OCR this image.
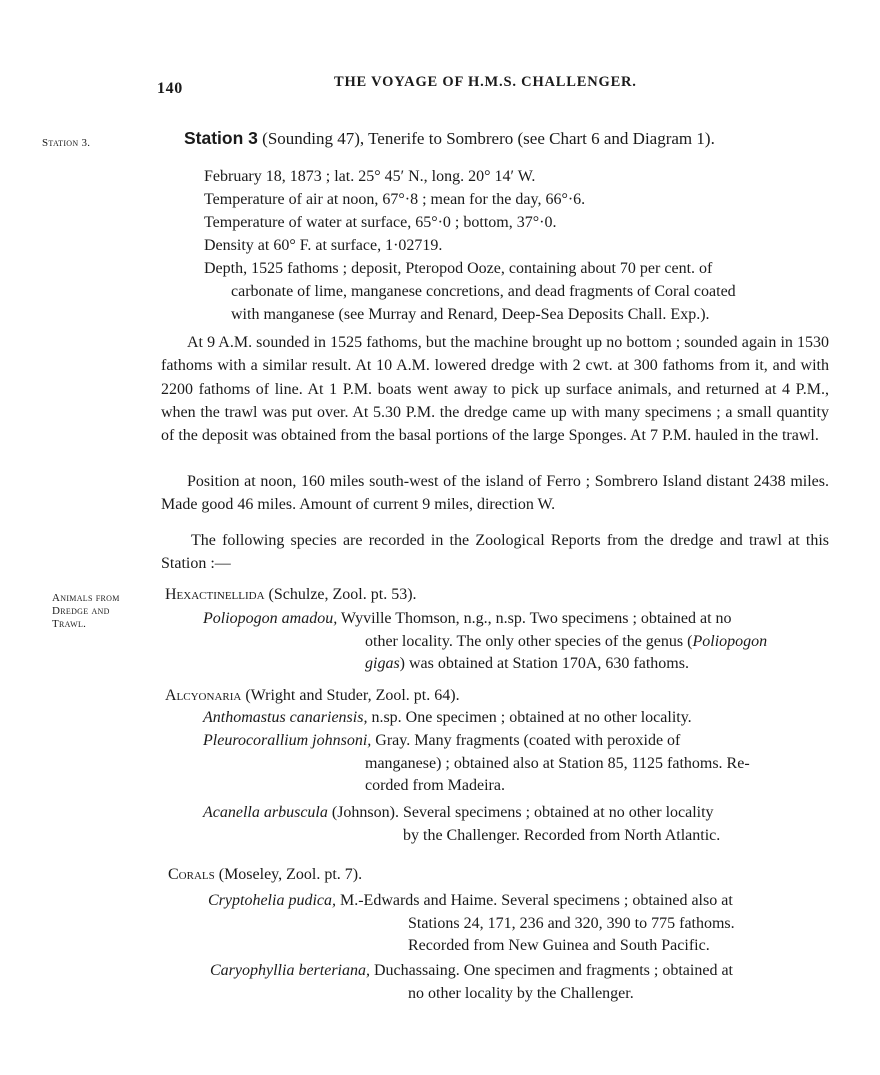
140	THE VOYAGE OF H.M.S. CHALLENGER.
Station 3.	Station 3 (Sounding 47), Tenerife to Sombrero (see Chart 6 and Diagram 1).
February 18, 1873 ; lat. 25° 45′ N., long. 20° 14′ W.
Temperature of air at noon, 67°·8 ; mean for the day, 66°·6.
Temperature of water at surface, 65°·0 ; bottom, 37°·0.
Density at 60° F. at surface, 1·02719.
Depth, 1525 fathoms ; deposit, Pteropod Ooze, containing about 70 per cent. of
carbonate of lime, manganese concretions, and dead fragments of Coral coated
with manganese (see Murray and Renard, Deep-Sea Deposits Chall. Exp.).
At 9 A.M. sounded in 1525 fathoms, but the machine brought up no bottom ; sounded again in 1530 fathoms with a similar result. At 10 A.M. lowered dredge with 2 cwt. at 300 fathoms from it, and with 2200 fathoms of line. At 1 P.M. boats went away to pick up surface animals, and returned at 4 P.M., when the trawl was put over. At 5.30 P.M. the dredge came up with many specimens ; a small quantity of the deposit was obtained from the basal portions of the large Sponges. At 7 P.M. hauled in the trawl.
Position at noon, 160 miles south-west of the island of Ferro ; Sombrero Island distant 2438 miles. Made good 46 miles. Amount of current 9 miles, direction W.
The following species are recorded in the Zoological Reports from the dredge and trawl at this Station :—
Animals from
Dredge and
Trawl.
Hexactinellida (Schulze, Zool. pt. 53).
Poliopogon amadou, Wyville Thomson, n.g., n.sp. Two specimens ; obtained at no
other locality. The only other species of the genus (Poliopogon
gigas) was obtained at Station 170A, 630 fathoms.
Alcyonaria (Wright and Studer, Zool. pt. 64).
Anthomastus canariensis, n.sp. One specimen ; obtained at no other locality.
Pleurocorallium johnsoni, Gray. Many fragments (coated with peroxide of
manganese) ; obtained also at Station 85, 1125 fathoms. Re-
corded from Madeira.
Acanella arbuscula (Johnson). Several specimens ; obtained at no other locality
by the Challenger. Recorded from North Atlantic.
Corals (Moseley, Zool. pt. 7).
Cryptohelia pudica, M.-Edwards and Haime. Several specimens ; obtained also at
Stations 24, 171, 236 and 320, 390 to 775 fathoms.
Recorded from New Guinea and South Pacific.
Caryophyllia berteriana, Duchassaing. One specimen and fragments ; obtained at
no other locality by the Challenger.
